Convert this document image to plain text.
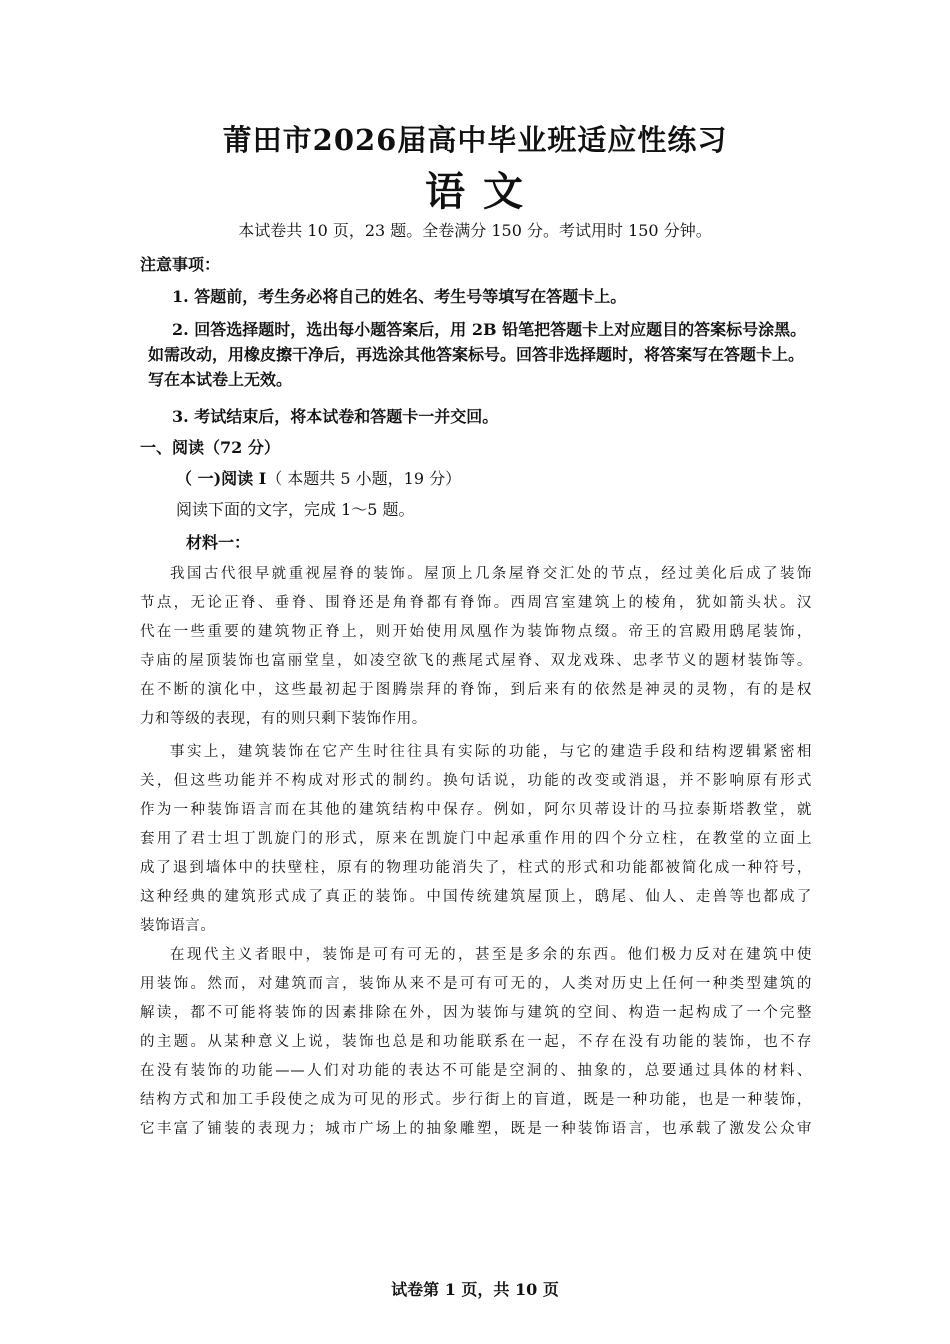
莆田市2026届高中毕业班适应性练习
语 文
本试卷共 10 页，23 题。全卷满分 150 分。考试用时 150 分钟。
注意事项：
1. 答题前，考生务必将自己的姓名、考生号等填写在答题卡上。
2. 回答选择题时，选出每小题答案后，用 2B 铅笔把答题卡上对应题目的答案标号涂黑。
如需改动，用橡皮擦干净后，再选涂其他答案标号。回答非选择题时，将答案写在答题卡上。
写在本试卷上无效。
3. 考试结束后，将本试卷和答题卡一并交回。
一、阅读（72 分）
（ 一)阅读 I（ 本题共 5 小题，19 分）
阅读下面的文字，完成 1～5 题。
材料一：
我国古代很早就重视屋脊的装饰。屋顶上几条屋脊交汇处的节点，经过美化后成了装饰
节点，无论正脊、垂脊、围脊还是角脊都有脊饰。西周宫室建筑上的棱角，犹如箭头状。汉
代在一些重要的建筑物正脊上，则开始使用凤凰作为装饰物点缀。帝王的宫殿用鸱尾装饰，
寺庙的屋顶装饰也富丽堂皇，如凌空欲飞的燕尾式屋脊、双龙戏珠、忠孝节义的题材装饰等。
在不断的演化中，这些最初起于图腾崇拜的脊饰，到后来有的依然是神灵的灵物，有的是权
力和等级的表现，有的则只剩下装饰作用。
事实上，建筑装饰在它产生时往往具有实际的功能，与它的建造手段和结构逻辑紧密相
关，但这些功能并不构成对形式的制约。换句话说，功能的改变或消退，并不影响原有形式
作为一种装饰语言而在其他的建筑结构中保存。例如，阿尔贝蒂设计的马拉泰斯塔教堂，就
套用了君士坦丁凯旋门的形式，原来在凯旋门中起承重作用的四个分立柱，在教堂的立面上
成了退到墙体中的扶壁柱，原有的物理功能消失了，柱式的形式和功能都被简化成一种符号，
这种经典的建筑形式成了真正的装饰。中国传统建筑屋顶上，鸱尾、仙人、走兽等也都成了
装饰语言。
在现代主义者眼中，装饰是可有可无的，甚至是多余的东西。他们极力反对在建筑中使
用装饰。然而，对建筑而言，装饰从来不是可有可无的，人类对历史上任何一种类型建筑的
解读，都不可能将装饰的因素排除在外，因为装饰与建筑的空间、构造一起构成了一个完整
的主题。从某种意义上说，装饰也总是和功能联系在一起，不存在没有功能的装饰，也不存
在没有装饰的功能——人们对功能的表达不可能是空洞的、抽象的，总要通过具体的材料、
结构方式和加工手段使之成为可见的形式。步行街上的盲道，既是一种功能，也是一种装饰，
它丰富了铺装的表现力；城市广场上的抽象雕塑，既是一种装饰语言，也承载了激发公众审
试卷第 1 页，共 10 页
